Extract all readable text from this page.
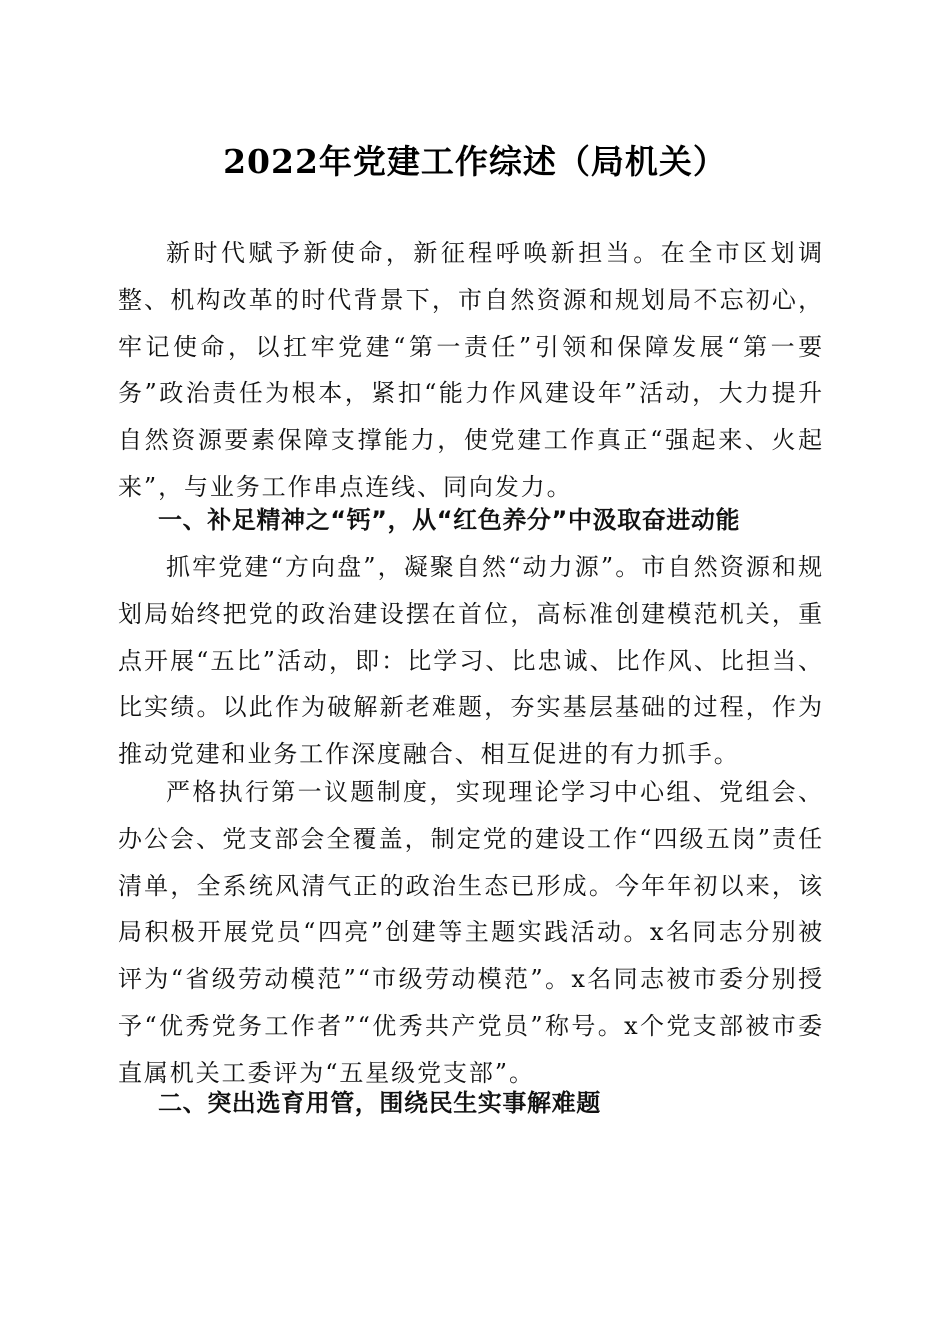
2022年党建工作综述（局机关）

新时代赋予新使命，新征程呼唤新担当。在全市区划调整、机构改革的时代背景下，市自然资源和规划局不忘初心，牢记使命，以扛牢党建“第一责任”引领和保障发展“第一要务”政治责任为根本，紧扣“能力作风建设年”活动，大力提升自然资源要素保障支撑能力，使党建工作真正“强起来、火起来”，与业务工作串点连线、同向发力。

一、补足精神之“钙”，从“红色养分”中汲取奋进动能

抓牢党建“方向盘”，凝聚自然“动力源”。市自然资源和规划局始终把党的政治建设摆在首位，高标准创建模范机关，重点开展“五比”活动，即：比学习、比忠诚、比作风、比担当、比实绩。以此作为破解新老难题，夯实基层基础的过程，作为推动党建和业务工作深度融合、相互促进的有力抓手。

严格执行第一议题制度，实现理论学习中心组、党组会、办公会、党支部会全覆盖，制定党的建设工作“四级五岗”责任清单，全系统风清气正的政治生态已形成。今年年初以来，该局积极开展党员“四亮”创建等主题实践活动。x名同志分别被评为“省级劳动模范”“市级劳动模范”。x名同志被市委分别授予“优秀党务工作者”“优秀共产党员”称号。x个党支部被市委直属机关工委评为“五星级党支部”。

二、突出选育用管，围绕民生实事解难题
